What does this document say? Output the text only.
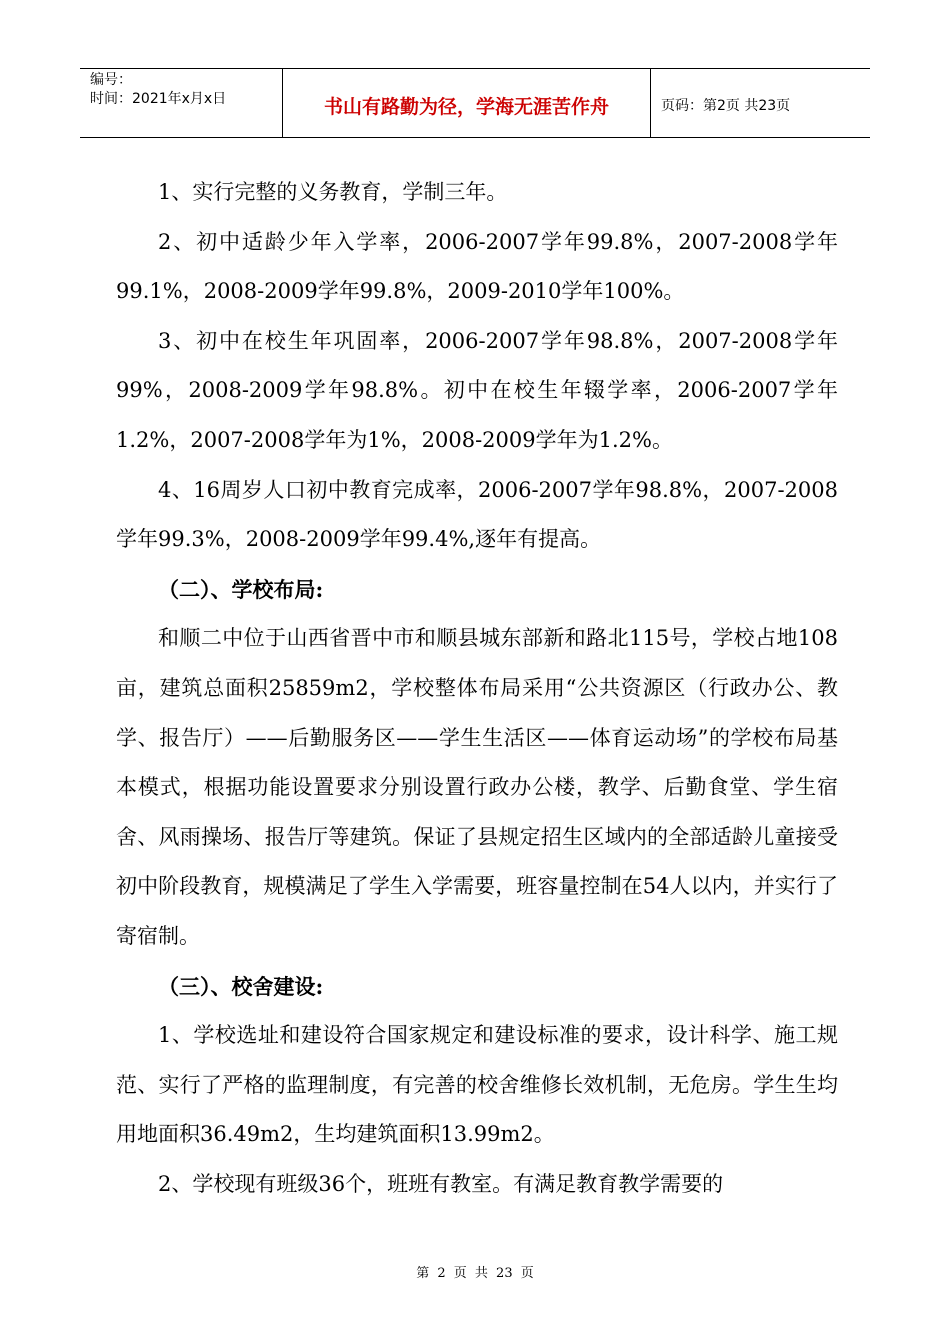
编号：
时间：2021年x月x日	书山有路勤为径，学海无涯苦作舟	页码：第2页 共23页

1、实行完整的义务教育，学制三年。

2、初中适龄少年入学率，2006-2007学年99.8%，2007-2008学年99.1%，2008-2009学年99.8%，2009-2010学年100%。

3、初中在校生年巩固率，2006-2007学年98.8%，2007-2008学年99%，2008-2009学年98.8%。初中在校生年辍学率，2006-2007学年1.2%，2007-2008学年为1%，2008-2009学年为1.2%。

4、16周岁人口初中教育完成率，2006-2007学年98.8%，2007-2008学年99.3%，2008-2009学年99.4%,逐年有提高。

（二）、学校布局:

和顺二中位于山西省晋中市和顺县城东部新和路北115号，学校占地108亩，建筑总面积25859m2，学校整体布局采用“公共资源区（行政办公、教学、报告厅）——后勤服务区——学生生活区——体育运动场”的学校布局基本模式，根据功能设置要求分别设置行政办公楼，教学、后勤食堂、学生宿舍、风雨操场、报告厅等建筑。保证了县规定招生区域内的全部适龄儿童接受初中阶段教育，规模满足了学生入学需要，班容量控制在54人以内，并实行了寄宿制。

（三）、校舍建设:

1、学校选址和建设符合国家规定和建设标准的要求，设计科学、施工规范、实行了严格的监理制度，有完善的校舍维修长效机制，无危房。学生生均用地面积36.49m2，生均建筑面积13.99m2。

2、学校现有班级36个，班班有教室。有满足教育教学需要的

第 2 页 共 23 页
